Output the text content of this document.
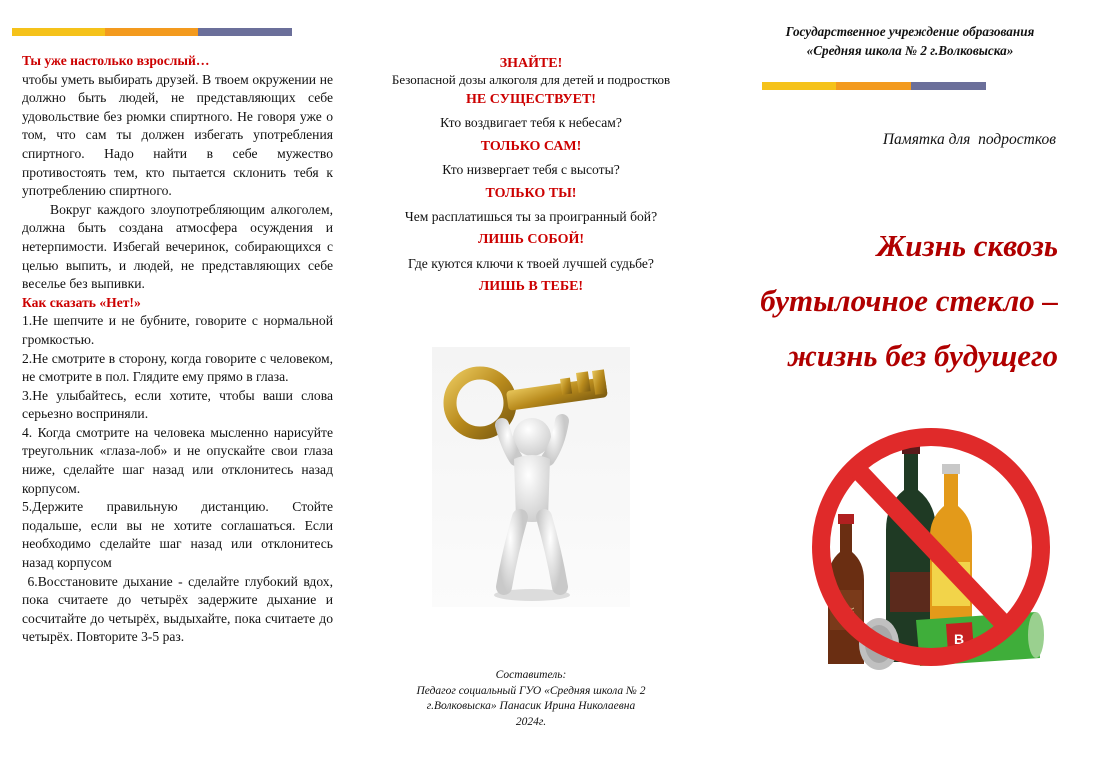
Ты уже настолько взрослый…

чтобы уметь выбирать друзей. В твоем окружении не должно быть людей, не представляющих себе удовольствие без рюмки спиртного. Не говоря уже о том, что сам ты должен избегать употребления спиртного. Надо найти в себе мужество противостоять тем, кто пытается склонить тебя к употреблению спиртного.

Вокруг каждого злоупотребляющим алкоголем, должна быть создана атмосфера осуждения и нетерпимости. Избегай вечеринок, собирающихся с целью выпить, и людей, не представляющих себе веселье без выпивки.

Как сказать «Нет!»

1.Не шепчите и не бубните, говорите с нормальной громкостью.

2.Не смотрите в сторону, когда говорите с человеком, не смотрите в пол. Глядите ему прямо в глаза.

3.Не улыбайтесь, если хотите, чтобы ваши слова серьезно восприняли.

4. Когда смотрите на человека мысленно нарисуйте треугольник «глаза-лоб» и не опускайте свои глаза ниже, сделайте шаг назад или отклонитесь назад корпусом.

5.Держите правильную дистанцию. Стойте подальше, если вы не хотите соглашаться. Если необходимо сделайте шаг назад или отклонитесь назад корпусом

6.Восстановите дыхание - сделайте глубокий вдох, пока считаете до четырёх задержите дыхание и сосчитайте до четырёх, выдыхайте, пока считаете до четырёх. Повторите 3-5 раз.

ЗНАЙТЕ!
Безопасной дозы алкоголя для детей и подростков
НЕ СУЩЕСТВУЕТ!
Кто воздвигает тебя к небесам?
ТОЛЬКО САМ!
Кто низвергает тебя с высоты?
ТОЛЬКО ТЫ!
Чем расплатишься ты за проигранный бой?
ЛИШЬ СОБОЙ!
Где куются ключи к твоей лучшей судьбе?
ЛИШЬ В ТЕБЕ!
Составитель:
Педагог социальный ГУО «Средняя школа № 2 г.Волковыска» Панасик Ирина Николаевна
2024г.
Государственное учреждение образования
«Средняя школа № 2 г.Волковыска»
Памятка для  подростков
Жизнь сквозь
бутылочное стекло –
жизнь без будущего
BEER
B
